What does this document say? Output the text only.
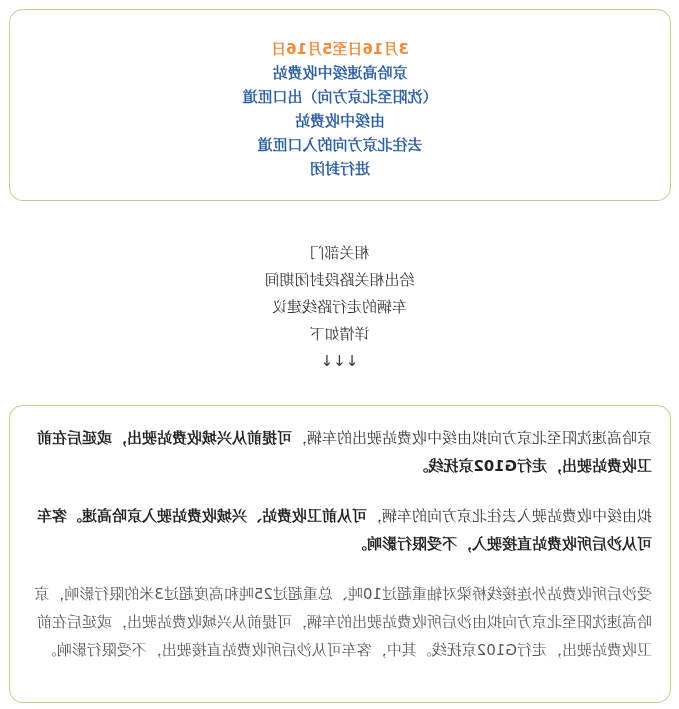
3月16日至5月16日
京哈高速绥中收费站
（沈阳至北京方向）出口匝道
由绥中收费站
去往北京方向的入口匝道
进行封闭
相关部门
给出相关路段封闭期间
车辆的走行路线建议
详情如下
↓↓↓

京哈高速沈阳至北京方向拟由绥中收费站驶出的车辆，可提前从兴城收费站驶出，或延后在前卫收费站驶出，走行G102京抚线。

拟由绥中收费站驶入去往北京方向的车辆，可从前卫收费站、兴城收费站驶入京哈高速。客车可从沙后所收费站直接驶入，不受限行影响。

受沙后所收费站外连接线桥梁对轴重超过10吨、总重超过25吨和高度超过3米的限行影响，京哈高速沈阳至北京方向拟由沙后所收费站驶出的车辆，可提前从兴城收费站驶出，或延后在前卫收费站驶出，走行G102京抚线。其中，客车可从沙后所收费站直接驶出，不受限行影响。
